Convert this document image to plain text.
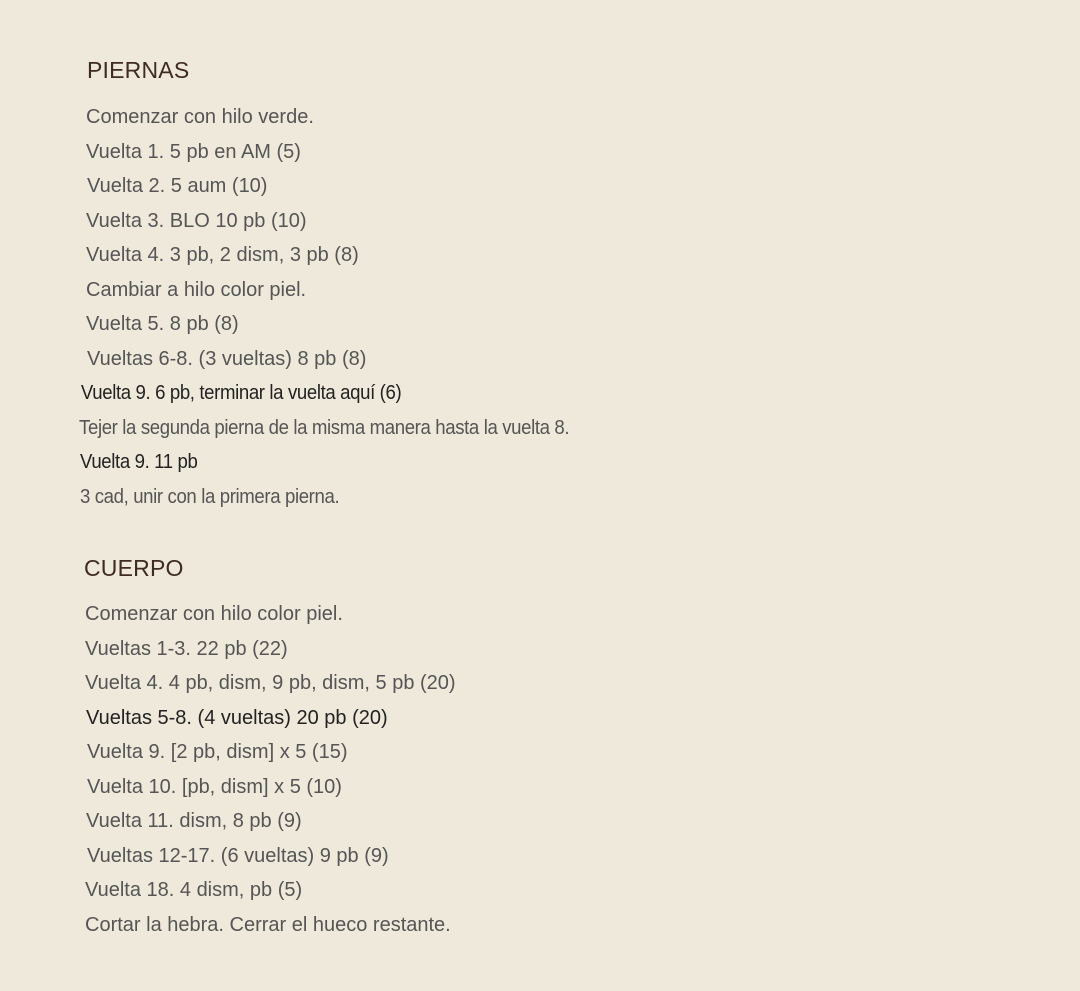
PIERNAS
Comenzar con hilo verde.
Vuelta 1. 5 pb en AM (5)
Vuelta 2. 5 aum (10)
Vuelta 3. BLO 10 pb (10)
Vuelta 4. 3 pb, 2 dism, 3 pb (8)
Cambiar a hilo color piel.
Vuelta 5. 8 pb (8)
Vueltas 6-8. (3 vueltas) 8 pb (8)
Vuelta 9. 6 pb, terminar la vuelta aquí (6)
Tejer la segunda pierna de la misma manera hasta la vuelta 8.
Vuelta 9. 11 pb
3 cad, unir con la primera pierna.
CUERPO
Comenzar con hilo color piel.
Vueltas 1-3. 22 pb (22)
Vuelta 4. 4 pb, dism, 9 pb, dism, 5 pb (20)
Vueltas 5-8. (4 vueltas) 20 pb (20)
Vuelta 9. [2 pb, dism] x 5 (15)
Vuelta 10. [pb, dism] x 5 (10)
Vuelta 11. dism, 8 pb (9)
Vueltas 12-17. (6 vueltas) 9 pb (9)
Vuelta 18. 4 dism, pb (5)
Cortar la hebra. Cerrar el hueco restante.
